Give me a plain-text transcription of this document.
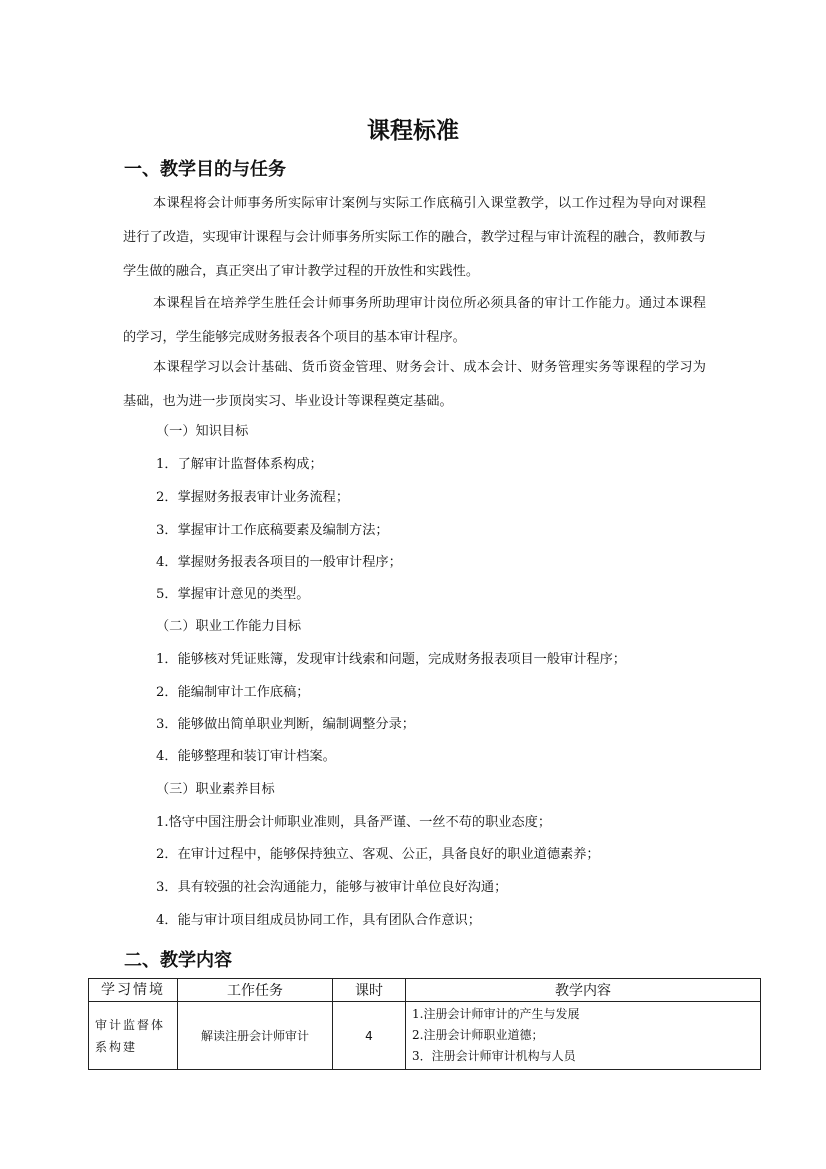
课程标准
一、教学目的与任务
本课程将会计师事务所实际审计案例与实际工作底稿引入课堂教学，以工作过程为导向对课程进行了改造，实现审计课程与会计师事务所实际工作的融合，教学过程与审计流程的融合，教师教与学生做的融合，真正突出了审计教学过程的开放性和实践性。
本课程旨在培养学生胜任会计师事务所助理审计岗位所必须具备的审计工作能力。通过本课程的学习，学生能够完成财务报表各个项目的基本审计程序。
本课程学习以会计基础、货币资金管理、财务会计、成本会计、财务管理实务等课程的学习为基础，也为进一步顶岗实习、毕业设计等课程奠定基础。
（一）知识目标
1．了解审计监督体系构成；
2．掌握财务报表审计业务流程；
3．掌握审计工作底稿要素及编制方法；
4．掌握财务报表各项目的一般审计程序；
5．掌握审计意见的类型。
（二）职业工作能力目标
1．能够核对凭证账簿，发现审计线索和问题，完成财务报表项目一般审计程序；
2．能编制审计工作底稿；
3．能够做出简单职业判断，编制调整分录；
4．能够整理和装订审计档案。
（三）职业素养目标
1.恪守中国注册会计师职业准则，具备严谨、一丝不苟的职业态度；
2．在审计过程中，能够保持独立、客观、公正，具备良好的职业道德素养；
3．具有较强的社会沟通能力，能够与被审计单位良好沟通；
4．能与审计项目组成员协同工作，具有团队合作意识；
二、教学内容
学习情境	工作任务	课时	教学内容
审计监督体系构建	解读注册会计师审计	4	1.注册会计师审计的产生与发展
2.注册会计师职业道德；
3．注册会计师审计机构与人员
